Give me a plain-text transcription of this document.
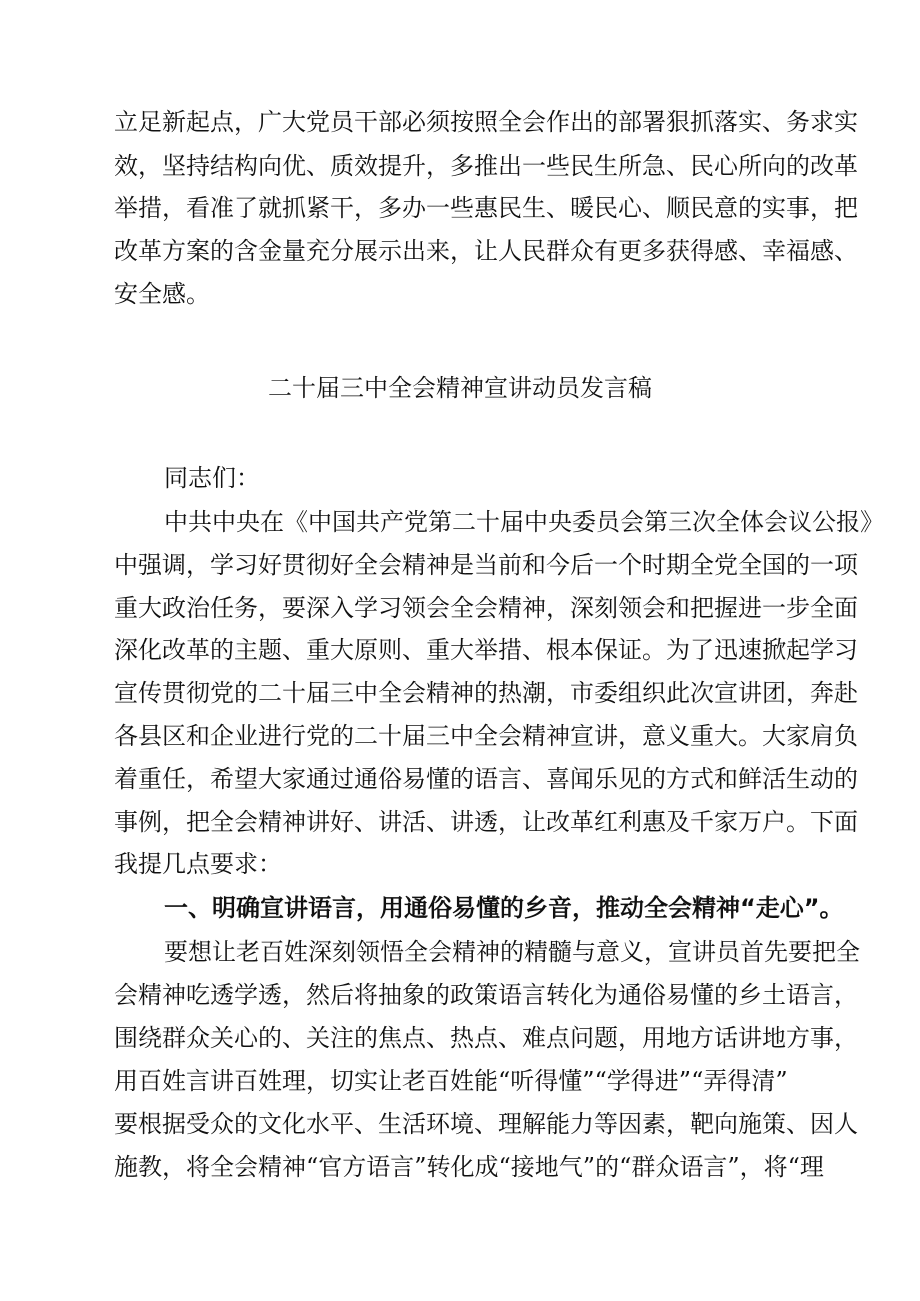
立足新起点，广大党员干部必须按照全会作出的部署狠抓落实、务求实
效，坚持结构向优、质效提升，多推出一些民生所急、民心所向的改革
举措，看准了就抓紧干，多办一些惠民生、暖民心、顺民意的实事，把
改革方案的含金量充分展示出来，让人民群众有更多获得感、幸福感、
安全感。
二十届三中全会精神宣讲动员发言稿
同志们：
中共中央在《中国共产党第二十届中央委员会第三次全体会议公报》
中强调，学习好贯彻好全会精神是当前和今后一个时期全党全国的一项
重大政治任务，要深入学习领会全会精神，深刻领会和把握进一步全面
深化改革的主题、重大原则、重大举措、根本保证。为了迅速掀起学习
宣传贯彻党的二十届三中全会精神的热潮，市委组织此次宣讲团，奔赴
各县区和企业进行党的二十届三中全会精神宣讲，意义重大。大家肩负
着重任，希望大家通过通俗易懂的语言、喜闻乐见的方式和鲜活生动的
事例，把全会精神讲好、讲活、讲透，让改革红利惠及千家万户。下面
我提几点要求：
一、明确宣讲语言，用通俗易懂的乡音，推动全会精神“走心”。
要想让老百姓深刻领悟全会精神的精髓与意义，宣讲员首先要把全
会精神吃透学透，然后将抽象的政策语言转化为通俗易懂的乡土语言，
围绕群众关心的、关注的焦点、热点、难点问题，用地方话讲地方事，
用百姓言讲百姓理，切实让老百姓能“听得懂”“学得进”“弄得清”
要根据受众的文化水平、生活环境、理解能力等因素，靶向施策、因人
施教，将全会精神“官方语言”转化成“接地气”的“群众语言”，将“理
